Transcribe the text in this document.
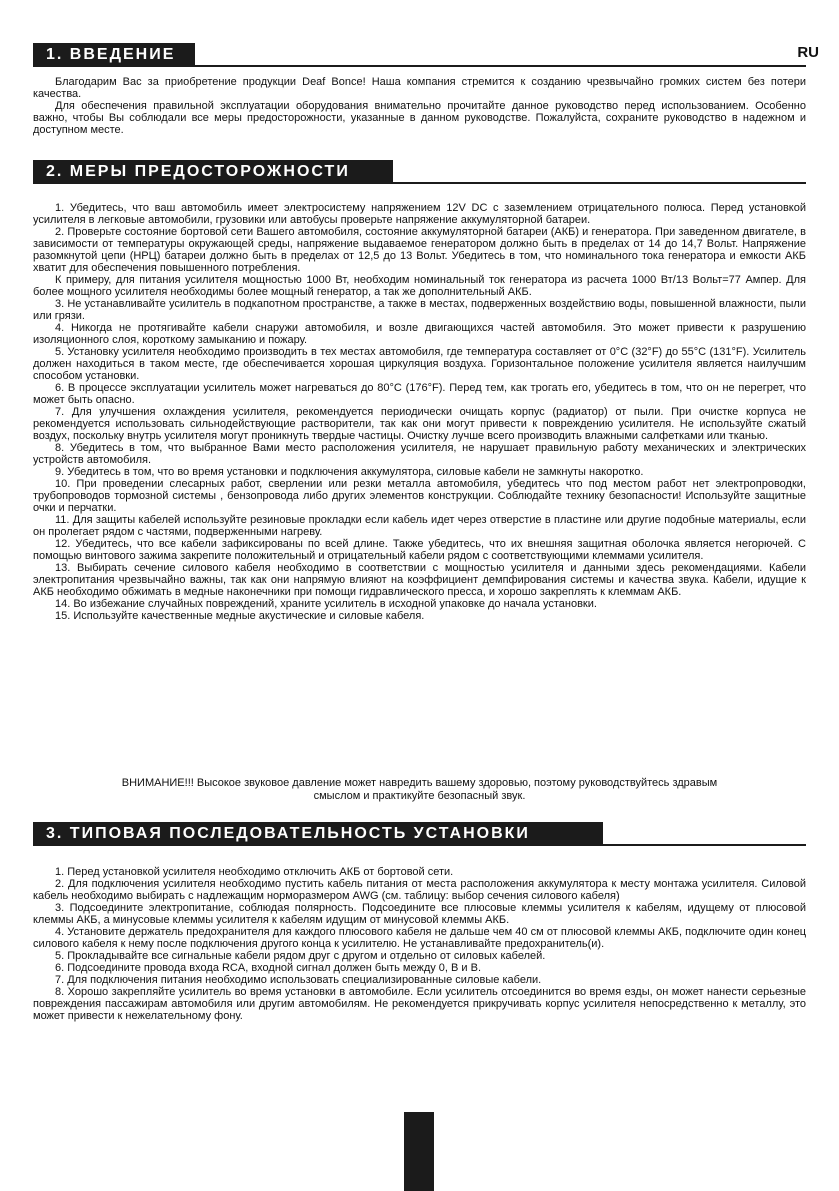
1. ВВЕДЕНИЕ	RU

Благодарим Вас за приобретение продукции Deaf Bonce! Наша компания стремится к созданию чрезвычайно громких систем без потери качества.

Для обеспечения правильной эксплуатации оборудования внимательно прочитайте данное руководство перед использованием. Особенно важно, чтобы Вы соблюдали все меры предосторожности, указанные в данном руководстве. Пожалуйста, сохраните руководство в надежном и доступном месте.

2. МЕРЫ ПРЕДОСТОРОЖНОСТИ

1. Убедитесь, что ваш автомобиль имеет электросистему напряжением 12V DC с заземлением отрицательного полюса. Перед установкой усилителя в легковые автомобили, грузовики или автобусы проверьте напряжение аккумуляторной батареи.

2. Проверьте состояние бортовой сети Вашего автомобиля, состояние аккумуляторной батареи (АКБ) и генератора. При заведенном двигателе, в зависимости от температуры окружающей среды, напряжение выдаваемое генератором должно быть в пределах от 14 до 14,7 Вольт. Напряжение разомкнутой цепи (НРЦ) батареи должно быть в пределах от 12,5 до 13 Вольт. Убедитесь в том, что номинального тока генератора и емкости АКБ хватит для обеспечения повышенного потребления.

К примеру, для питания усилителя мощностью 1000 Вт, необходим номинальный ток генератора из расчета 1000 Вт/13 Вольт=77 Ампер. Для более мощного усилителя необходимы более мощный генератор, а так же дополнительный АКБ.

3. Не устанавливайте усилитель в подкапотном пространстве, а также в местах, подверженных воздействию воды, повышенной влажности, пыли или грязи.

4. Никогда не протягивайте кабели снаружи автомобиля, и возле двигающихся частей автомобиля. Это может привести к разрушению изоляционного слоя, короткому замыканию и пожару.

5. Установку усилителя необходимо производить в тех местах автомобиля, где температура составляет от 0°C (32°F) до 55°C (131°F). Усилитель должен находиться в таком месте, где обеспечивается хорошая циркуляция воздуха. Горизонтальное положение усилителя является наилучшим способом установки.

6. В процессе эксплуатации усилитель может нагреваться до 80°C (176°F). Перед тем, как трогать его, убедитесь в том, что он не перегрет, что может быть опасно.

7. Для улучшения охлаждения усилителя, рекомендуется периодически очищать корпус (радиатор) от пыли. При очистке корпуса не рекомендуется использовать сильнодействующие растворители, так как они могут привести к повреждению усилителя. Не используйте сжатый воздух, поскольку внутрь усилителя могут проникнуть твердые частицы. Очистку лучше всего производить влажными салфетками или тканью.

8. Убедитесь в том, что выбранное Вами место расположения усилителя, не нарушает правильную работу механических и электрических устройств автомобиля.

9. Убедитесь в том, что во время установки и подключения аккумулятора, силовые кабели не замкнуты накоротко.

10. При проведении слесарных работ, сверлении или резки металла автомобиля, убедитесь что под местом работ нет электропроводки, трубопроводов тормозной системы , бензопровода либо других элементов конструкции. Соблюдайте технику безопасности! Используйте защитные очки и перчатки.

11. Для защиты кабелей используйте резиновые прокладки если кабель идет через отверстие в пластине или другие подобные материалы, если он пролегает рядом с частями, подверженными нагреву.

12. Убедитесь, что все кабели зафиксированы по всей длине. Также убедитесь, что их внешняя защитная оболочка является негорючей. С помощью винтового зажима закрепите положительный и отрицательный кабели рядом с соответствующими клеммами усилителя.

13. Выбирать сечение силового кабеля необходимо в соответствии с мощностью усилителя и данными здесь рекомендациями. Кабели электропитания чрезвычайно важны, так как они напрямую влияют на коэффициент демпфирования системы и качества звука. Кабели, идущие к АКБ необходимо обжимать в медные наконечники при помощи гидравлического пресса, и хорошо закреплять к клеммам АКБ.

14. Во избежание случайных повреждений, храните усилитель в исходной упаковке до начала установки.

15. Используйте качественные медные акустические и силовые кабеля.

ВНИМАНИЕ!!! Высокое звуковое давление может навредить вашему здоровью, поэтому руководствуйтесь здравым
смыслом и практикуйте безопасный звук.
3. ТИПОВАЯ ПОСЛЕДОВАТЕЛЬНОСТЬ УСТАНОВКИ

1. Перед установкой усилителя необходимо отключить АКБ от бортовой сети.

2. Для подключения усилителя необходимо пустить кабель питания от места расположения аккумулятора к месту монтажа усилителя. Силовой кабель необходимо выбирать с надлежащим норморазмером AWG (см. таблицу: выбор сечения силового кабеля)

3. Подсоедините электропитание, соблюдая полярность. Подсоедините все плюсовые клеммы усилителя к кабелям, идущему от плюсовой клеммы АКБ, а минусовые клеммы усилителя к кабелям идущим от минусовой клеммы АКБ.

4. Установите держатель предохранителя для каждого плюсового кабеля не дальше чем 40 см от плюсовой клеммы АКБ, подключите один конец силового кабеля к нему после подключения другого конца к усилителю. Не устанавливайте предохранитель(и).

5. Прокладывайте все сигнальные кабели рядом друг с другом и отдельно от силовых кабелей.

6. Подсоедините провода входа RCA, входной сигнал должен быть между 0, В и В.

7. Для подключения питания необходимо использовать специализированные силовые кабели.

8. Хорошо закрепляйте усилитель во время установки в автомобиле. Если усилитель отсоединится во время езды, он может нанести серьезные повреждения пассажирам автомобиля или другим автомобилям. Не рекомендуется прикручивать корпус усилителя непосредственно к металлу, это может привести к нежелательному фону.
